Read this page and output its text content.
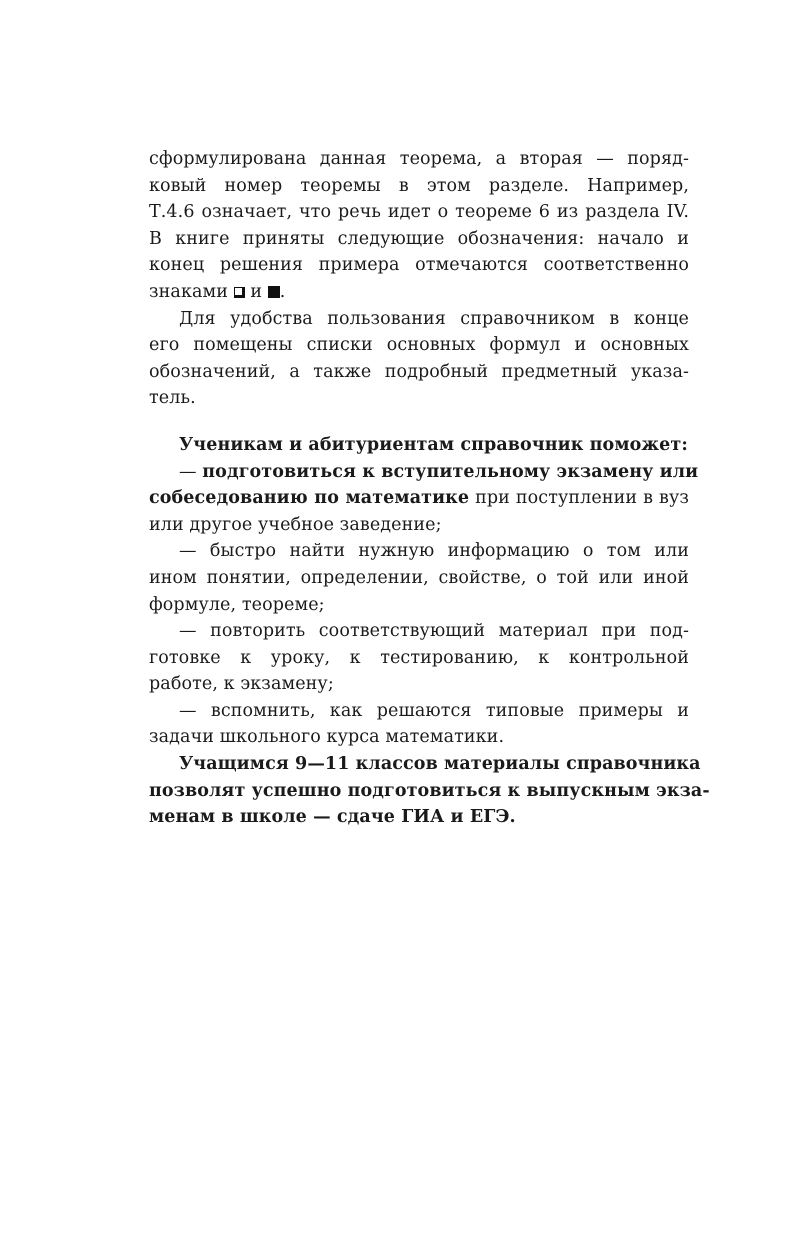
сформулирована данная теорема, а вторая — поряд-
ковый номер теоремы в этом разделе. Например,
Т.4.6 означает, что речь идет о теореме 6 из раздела IV.
В книге приняты следующие обозначения: начало и
конец решения примера отмечаются соответственно
знаками  и .
Для удобства пользования справочником в конце
его помещены списки основных формул и основных
обозначений, а также подробный предметный указа-
тель.
Ученикам и абитуриентам справочник поможет:
— подготовиться к вступительному экзамену или
собеседованию по математике при поступлении в вуз
или другое учебное заведение;
— быстро найти нужную информацию о том или
ином понятии, определении, свойстве, о той или иной
формуле, теореме;
— повторить соответствующий материал при под-
готовке к уроку, к тестированию, к контрольной
работе, к экзамену;
— вспомнить, как решаются типовые примеры и
задачи школьного курса математики.
Учащимся 9—11 классов материалы справочника
позволят успешно подготовиться к выпускным экза-
менам в школе — сдаче ГИА и ЕГЭ.
